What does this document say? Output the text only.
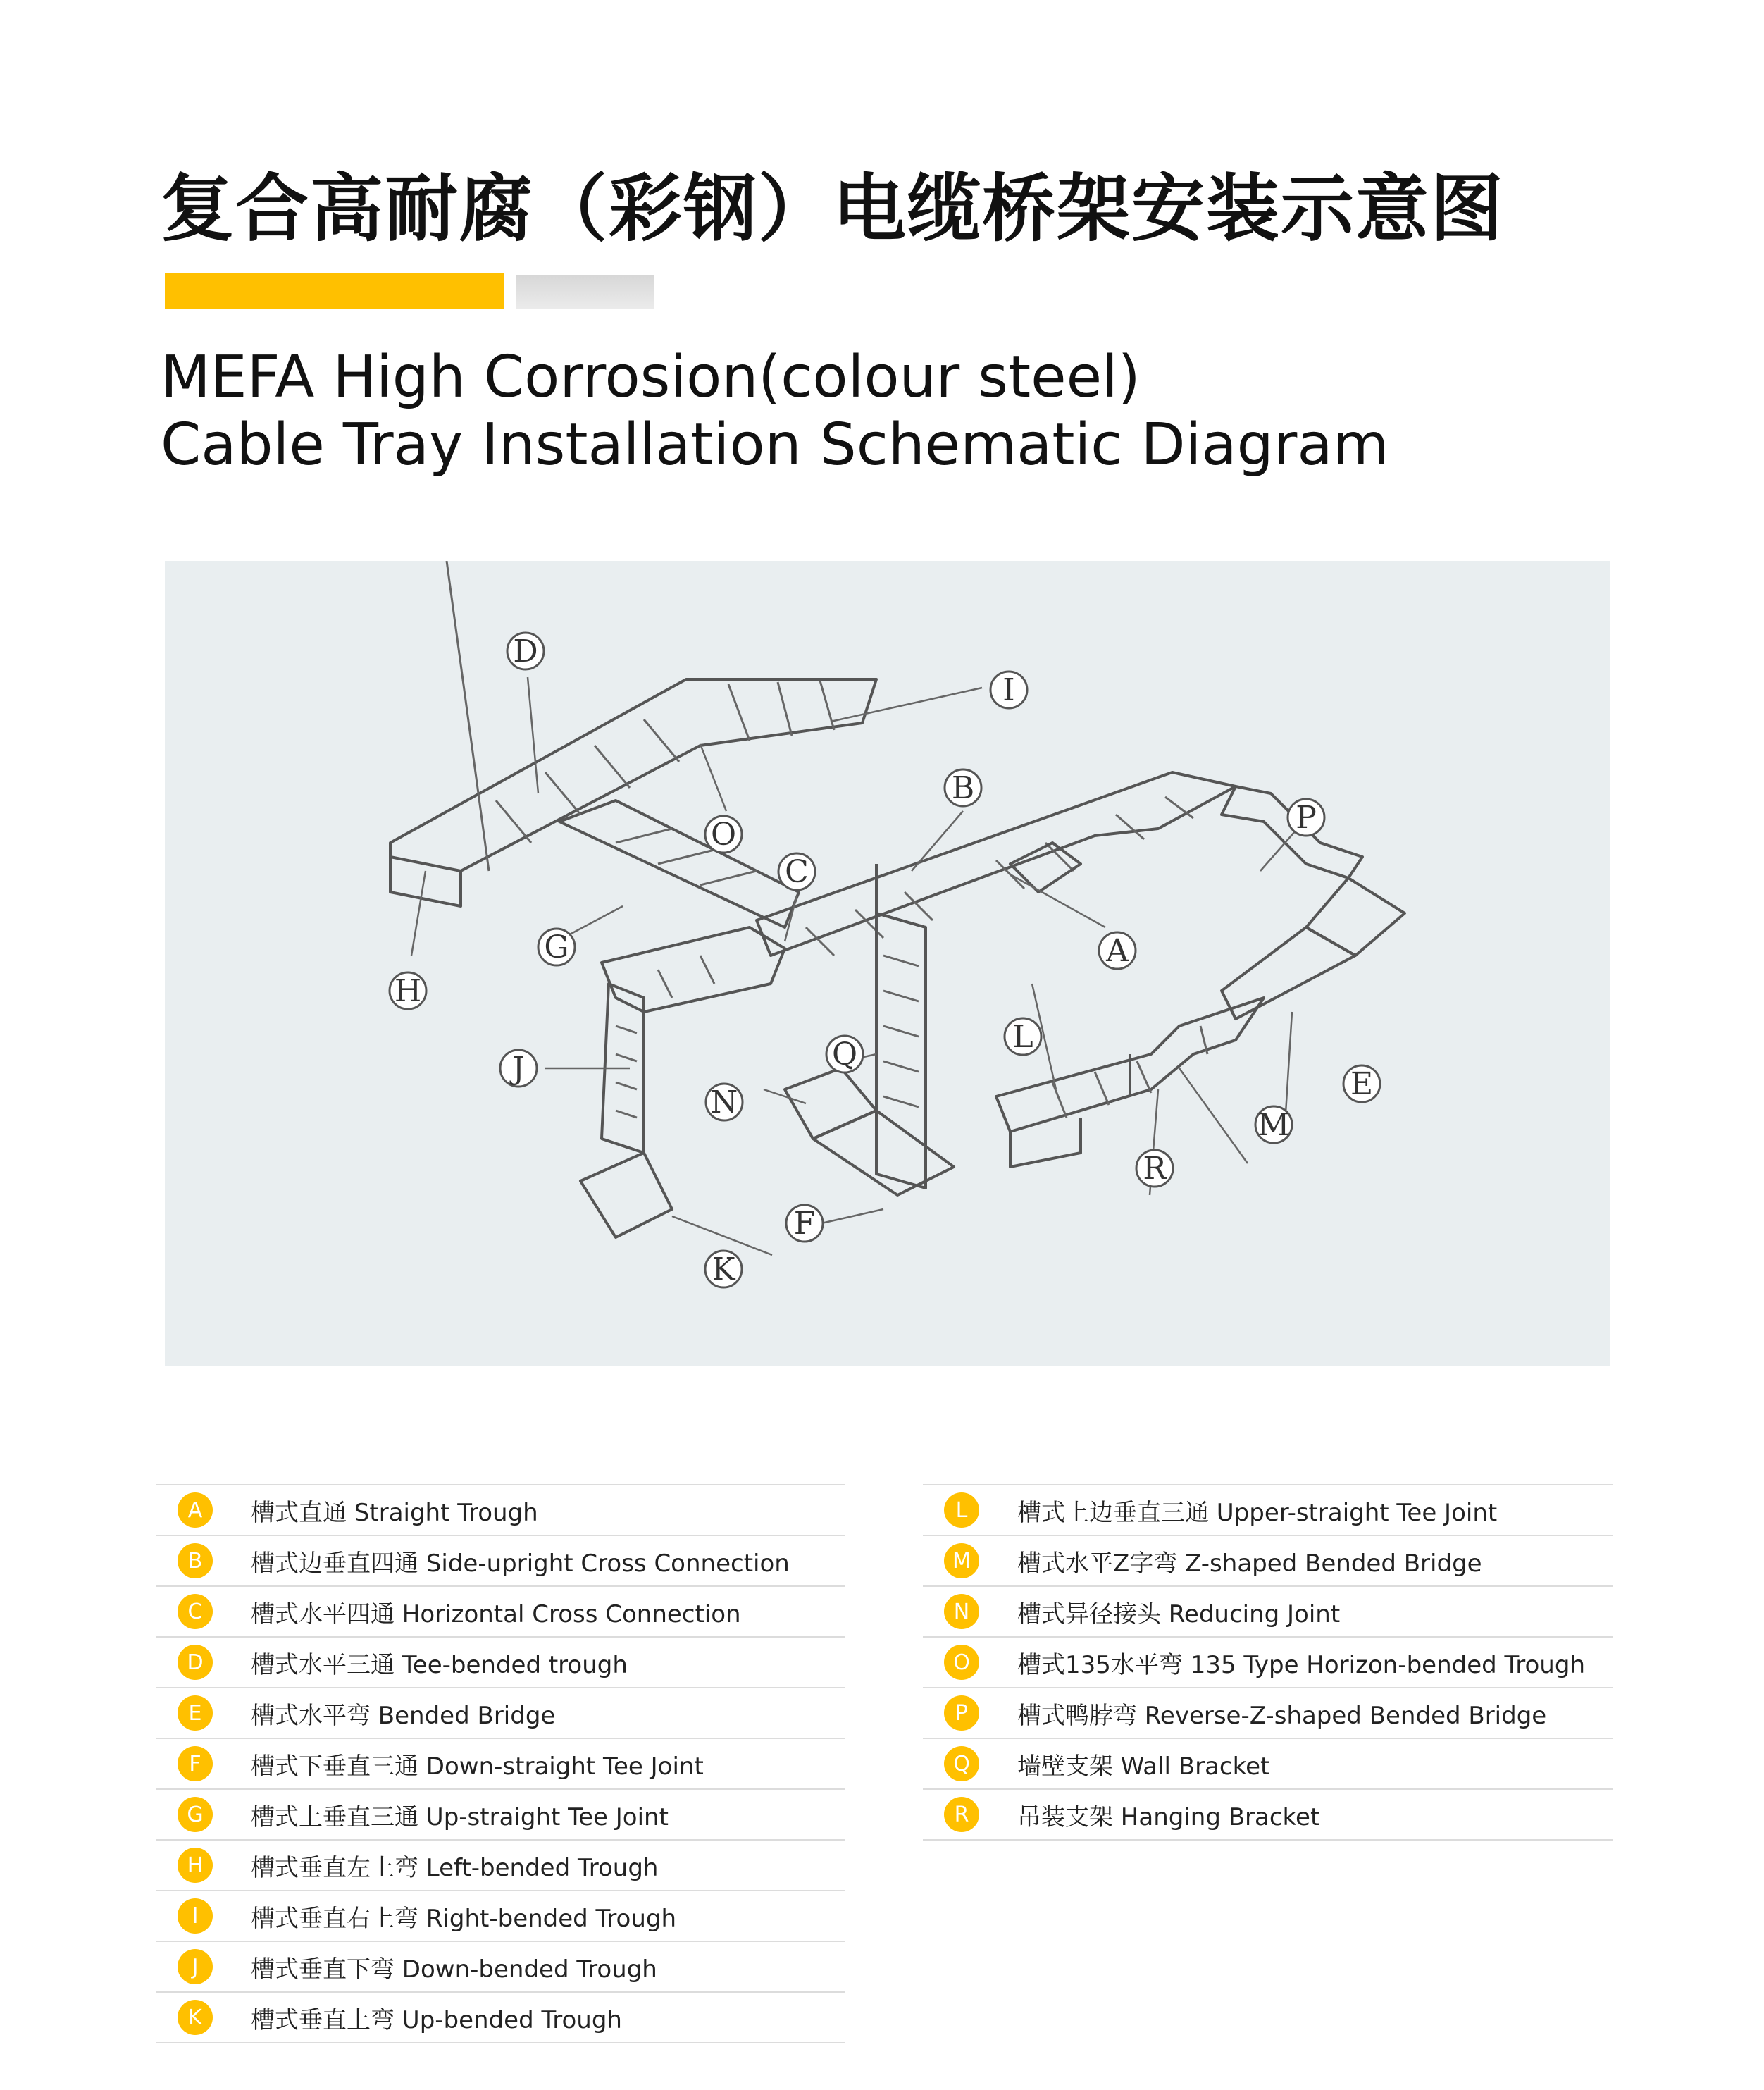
复合高耐腐（彩钢）电缆桥架安装示意图
MEFA High Corrosion(colour steel)
Cable Tray Installation Schematic Diagram
D
I
B
P
O
C
A
G
H
J	Q	L
E
N
M
R
F
K
A	槽式直通 Straight Trough
B	槽式边垂直四通 Side-upright Cross Connection
C	槽式水平四通 Horizontal Cross Connection
D	槽式水平三通 Tee-bended trough
E	槽式水平弯 Bended Bridge
F	槽式下垂直三通 Down-straight Tee Joint
G	槽式上垂直三通 Up-straight Tee Joint
H	槽式垂直左上弯 Left-bended Trough
I	槽式垂直右上弯 Right-bended Trough
J	槽式垂直下弯 Down-bended Trough
K	槽式垂直上弯 Up-bended Trough
L	槽式上边垂直三通 Upper-straight Tee Joint
M	槽式水平Z字弯 Z-shaped Bended Bridge
N	槽式异径接头 Reducing Joint
O	槽式135水平弯 135 Type Horizon-bended Trough
P	槽式鸭脖弯 Reverse-Z-shaped Bended Bridge
Q	墙壁支架 Wall Bracket
R	吊装支架 Hanging Bracket
